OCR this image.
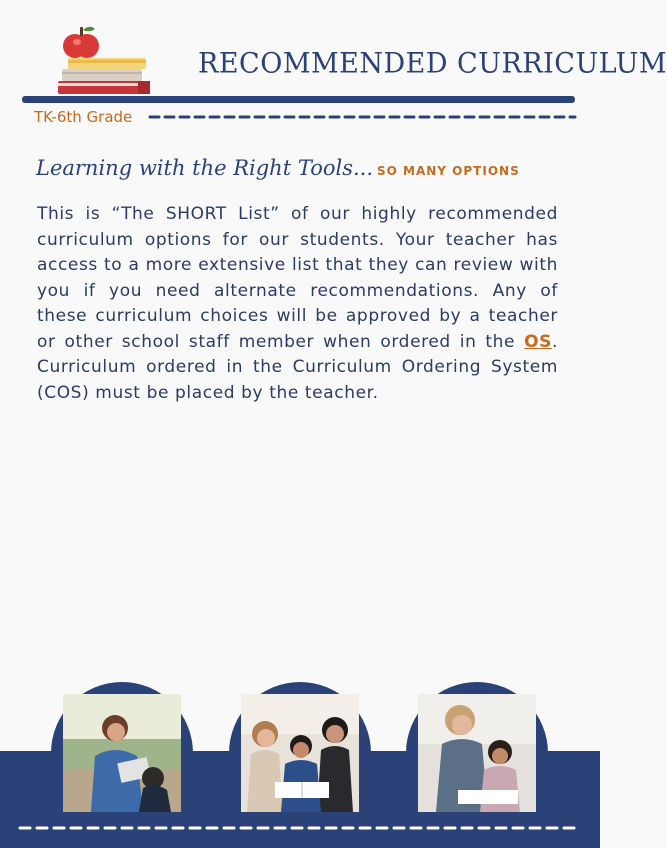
RECOMMENDED CURRICULUM
TK-6th Grade
Learning with the Right Tools... SO MANY OPTIONS

This is “The SHORT List” of our highly recommended curriculum options for our students. Your teacher has access to a more extensive list that they can review with you if you need alternate recommendations. Any of these curriculum choices will be approved by a teacher or other school staff member when ordered in the OS. Curriculum ordered in the Curriculum Ordering System (COS) must be placed by the teacher.
